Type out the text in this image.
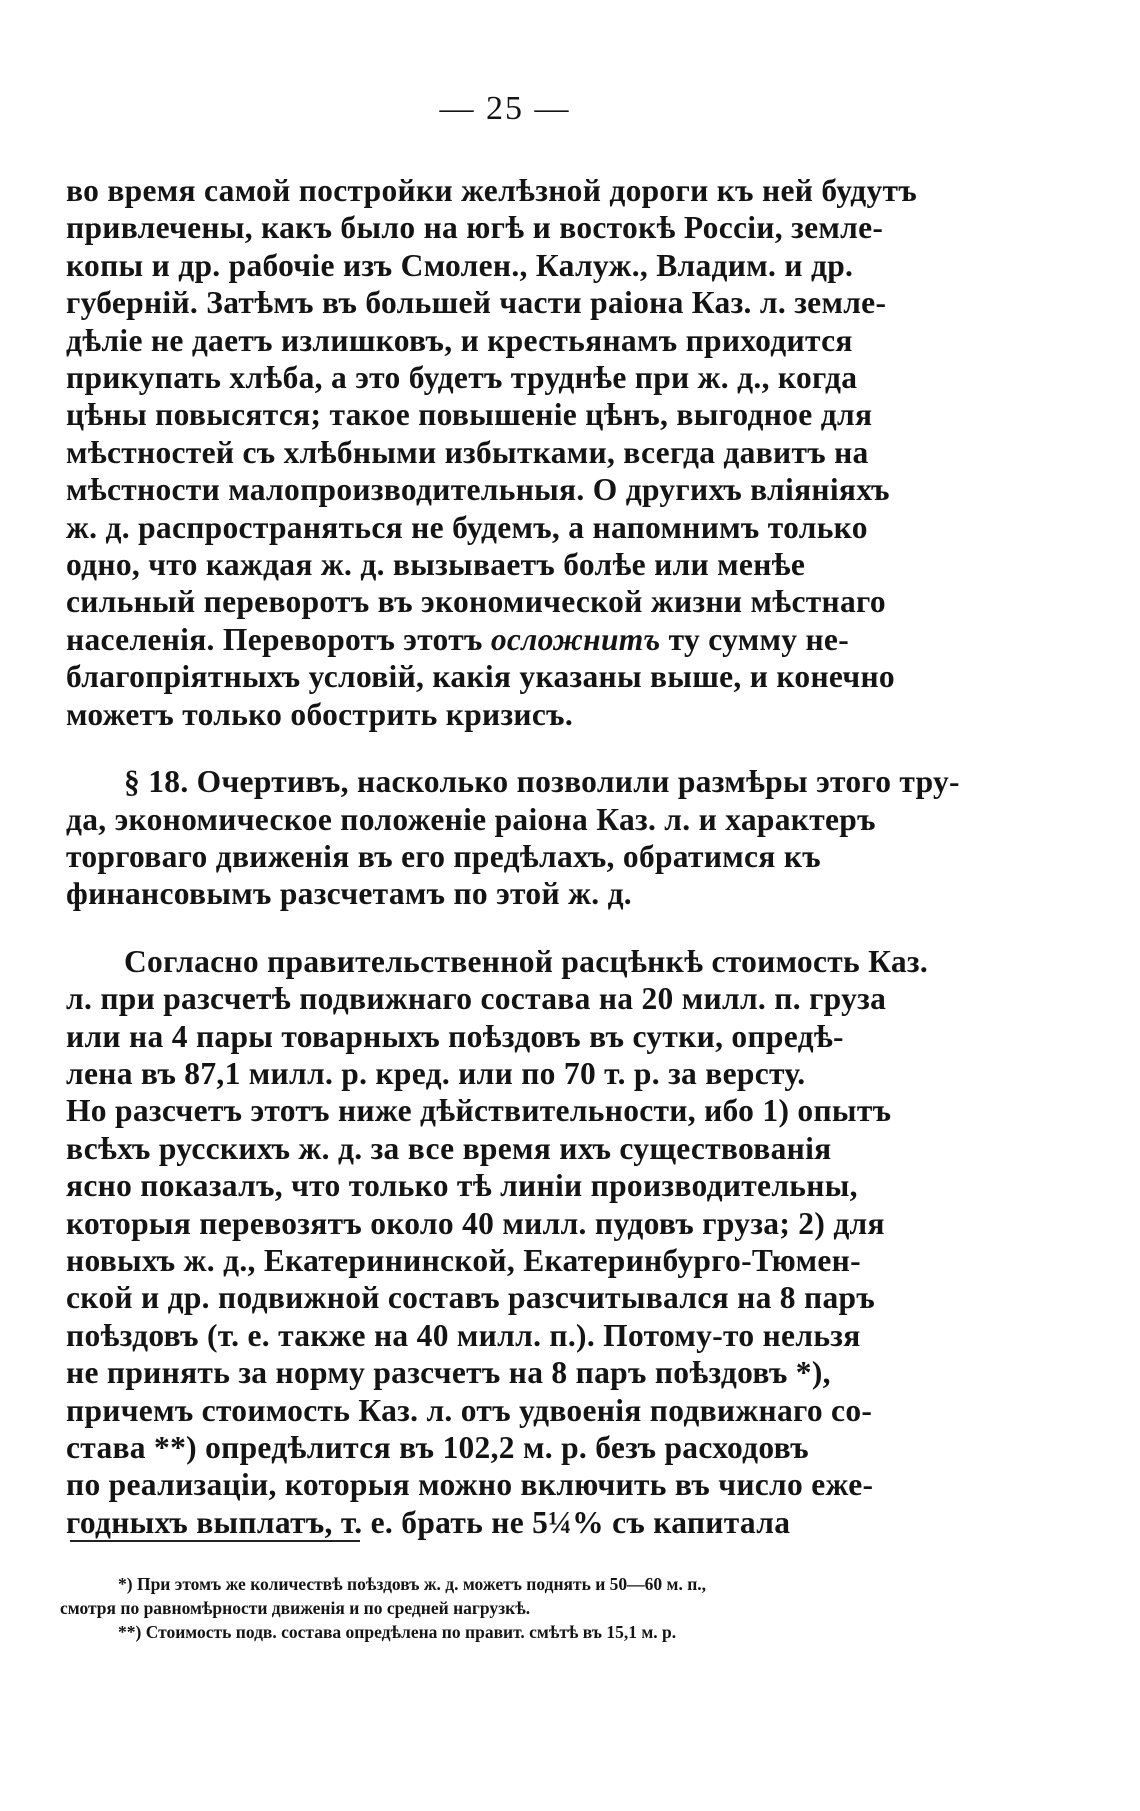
— 25 —
во время самой постройки желѣзной дороги къ ней будутъ
привлечены, какъ было на югѣ и востокѣ Россіи, земле-
копы и др. рабочіе изъ Смолен., Калуж., Владим. и др.
губерній. Затѣмъ въ большей части раіона Каз. л. земле-
дѣліе не даетъ излишковъ, и крестьянамъ приходится
прикупать хлѣба, а это будетъ труднѣе при ж. д., когда
цѣны повысятся; такое повышеніе цѣнъ, выгодное для
мѣстностей съ хлѣбными избытками, всегда давитъ на
мѣстности малопроизводительныя. О другихъ вліяніяхъ
ж. д. распространяться не будемъ, а напомнимъ только
одно, что каждая ж. д. вызываетъ болѣе или менѣе
сильный переворотъ въ экономической жизни мѣстнаго
населенія. Переворотъ этотъ осложнитъ ту сумму не-
благопріятныхъ условій, какія указаны выше, и конечно
можетъ только обострить кризисъ.
§ 18. Очертивъ, насколько позволили размѣры этого тру-
да, экономическое положеніе раіона Каз. л. и характеръ
торговаго движенія въ его предѣлахъ, обратимся къ
финансовымъ разсчетамъ по этой ж. д.
Согласно правительственной расцѣнкѣ стоимость Каз.
л. при разсчетѣ подвижнаго состава на 20 милл. п. груза
или на 4 пары товарныхъ поѣздовъ въ сутки, опредѣ-
лена въ 87,1 милл. р. кред. или по 70 т. р. за версту.
Но разсчетъ этотъ ниже дѣйствительности, ибо 1) опытъ
всѣхъ русскихъ ж. д. за все время ихъ существованія
ясно показалъ, что только тѣ линіи производительны,
которыя перевозятъ около 40 милл. пудовъ груза; 2) для
новыхъ ж. д., Екатерининской, Екатеринбурго-Тюмен-
ской и др. подвижной составъ разсчитывался на 8 паръ
поѣздовъ (т. е. также на 40 милл. п.). Потому-то нельзя
не принять за норму разсчетъ на 8 паръ поѣздовъ *),
причемъ стоимость Каз. л. отъ удвоенія подвижнаго со-
става **) опредѣлится въ 102,2 м. р. безъ расходовъ
по реализаціи, которыя можно включить въ число еже-
годныхъ выплатъ, т. е. брать не 5¼% съ капитала
*) При этомъ же количествѣ поѣздовъ ж. д. можетъ поднять и 50—60 м. п.,
смотря по равномѣрности движенія и по средней нагрузкѣ.
**) Стоимость подв. состава опредѣлена по правит. смѣтѣ въ 15,1 м. р.
